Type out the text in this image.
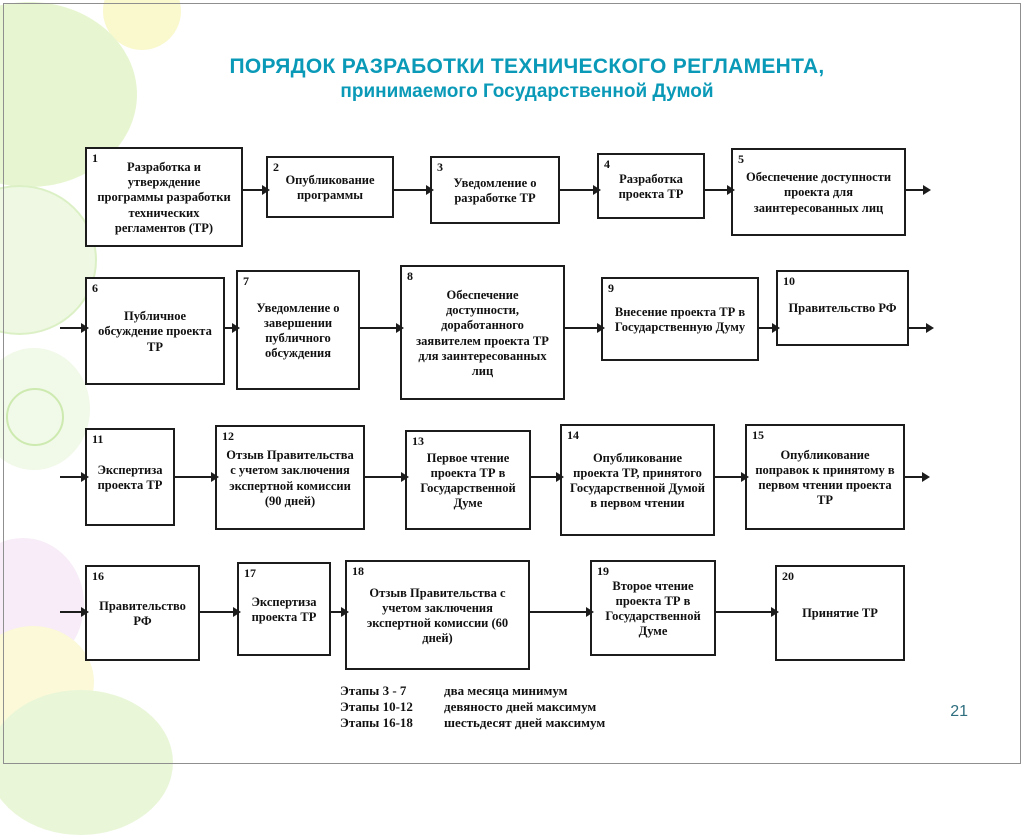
ПОРЯДОК РАЗРАБОТКИ ТЕХНИЧЕСКОГО РЕГЛАМЕНТА,
принимаемого Государственной Думой
1
Разработка и утверждение программы разработки технических регламентов (ТР)
2
Опубликование программы
3
Уведомление о разработке ТР
4
Разработка проекта ТР
5
Обеспечение доступности проекта для заинтересованных лиц
6
Публичное обсуждение проекта ТР
7
Уведомление о завершении публичного обсуждения
8
Обеспечение доступности, доработанного заявителем проекта ТР для заинтересованных лиц
9
Внесение проекта ТР в Государственную Думу
10
Правительство РФ
11
Экспертиза проекта ТР
12
Отзыв Правительства с учетом заключения экспертной комиссии (90 дней)
13
Первое чтение проекта ТР в Государственной Думе
14
Опубликование проекта ТР, принятого Государственной Думой в первом чтении
15
Опубликование поправок к принятому в первом чтении проекта ТР
16
Правительство РФ
17
Экспертиза проекта ТР
18
Отзыв Правительства с учетом заключения экспертной комиссии (60 дней)
19
Второе чтение проекта ТР в Государственной Думе
20
Принятие ТР
Этапы 3 - 7	два месяца минимум
Этапы 10-12	девяносто дней максимум
Этапы 16-18	шестьдесят дней максимум
21
